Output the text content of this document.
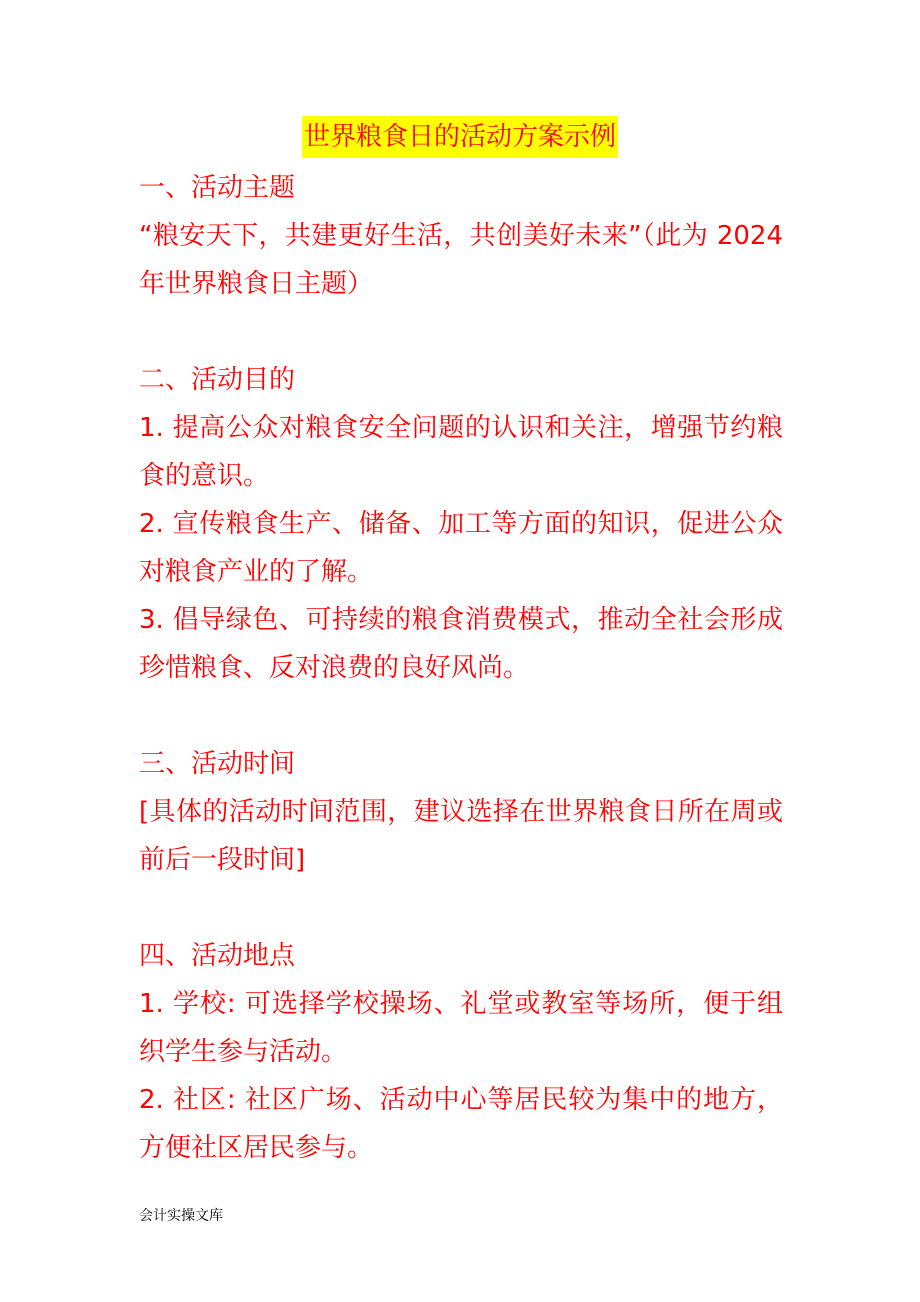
世界粮食日的活动方案示例
一、活动主题

“粮安天下，共建更好生活，共创美好未来”（此为 2024年世界粮食日主题）

二、活动目的

1. 提高公众对粮食安全问题的认识和关注，增强节约粮食的意识。

2. 宣传粮食生产、储备、加工等方面的知识，促进公众对粮食产业的了解。

3. 倡导绿色、可持续的粮食消费模式，推动全社会形成珍惜粮食、反对浪费的良好风尚。

三、活动时间

[具体的活动时间范围，建议选择在世界粮食日所在周或前后一段时间]

四、活动地点

1. 学校: 可选择学校操场、礼堂或教室等场所，便于组织学生参与活动。

2. 社区: 社区广场、活动中心等居民较为集中的地方，方便社区居民参与。

会计实操文库
